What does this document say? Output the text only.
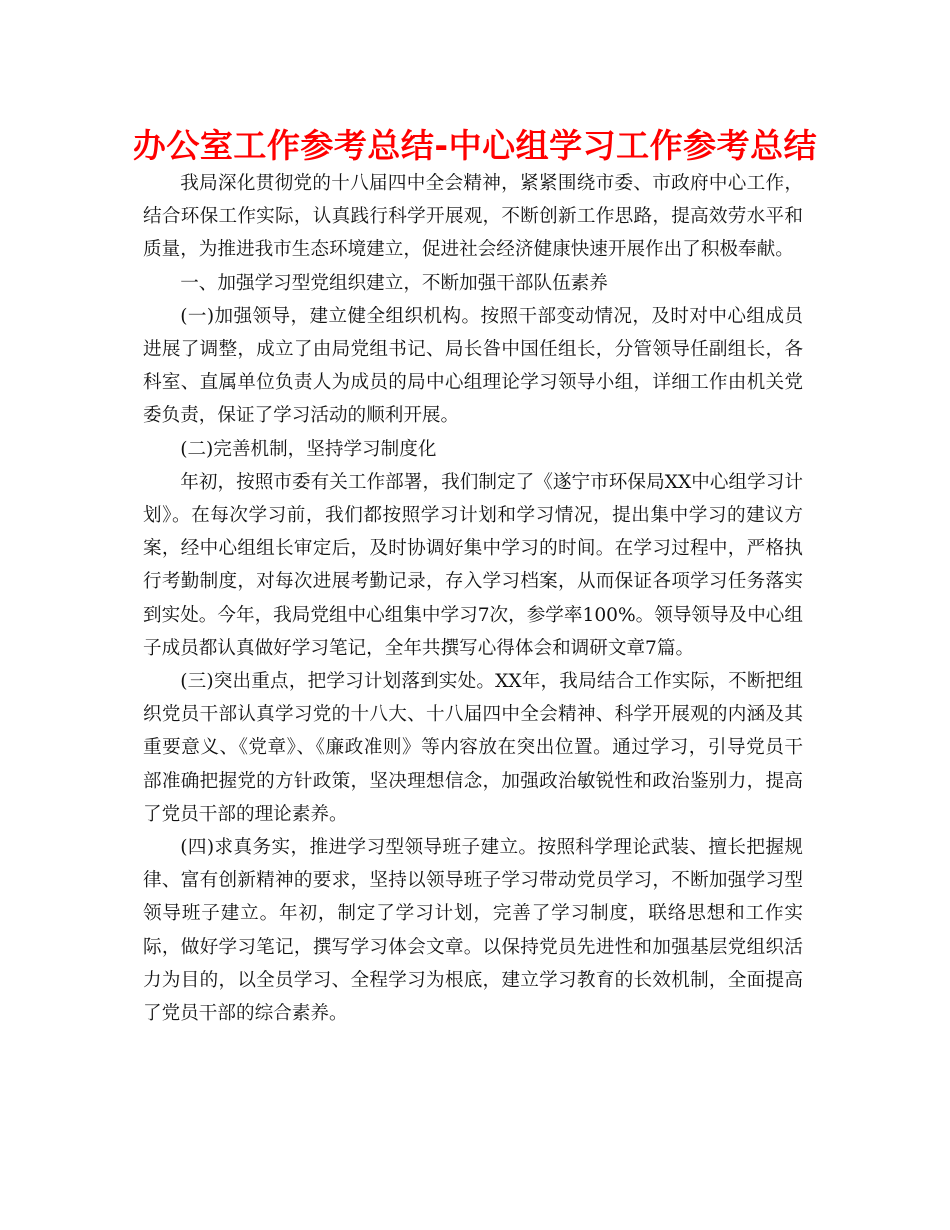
办公室工作参考总结-中心组学习工作参考总结

我局深化贯彻党的十八届四中全会精神，紧紧围绕市委、市政府中心工作，结合环保工作实际，认真践行科学开展观，不断创新工作思路，提高效劳水平和质量，为推进我市生态环境建立，促进社会经济健康快速开展作出了积极奉献。

一、加强学习型党组织建立，不断加强干部队伍素养

(一)加强领导，建立健全组织机构。按照干部变动情况，及时对中心组成员进展了调整，成立了由局党组书记、局长昝中国任组长，分管领导任副组长，各科室、直属单位负责人为成员的局中心组理论学习领导小组，详细工作由机关党委负责，保证了学习活动的顺利开展。

(二)完善机制，坚持学习制度化

年初，按照市委有关工作部署，我们制定了《遂宁市环保局XX中心组学习计划》。在每次学习前，我们都按照学习计划和学习情况，提出集中学习的建议方案，经中心组组长审定后，及时协调好集中学习的时间。在学习过程中，严格执行考勤制度，对每次进展考勤记录，存入学习档案，从而保证各项学习任务落实到实处。今年，我局党组中心组集中学习7次，参学率100%。领导领导及中心组子成员都认真做好学习笔记，全年共撰写心得体会和调研文章7篇。

(三)突出重点，把学习计划落到实处。XX年，我局结合工作实际，不断把组织党员干部认真学习党的十八大、十八届四中全会精神、科学开展观的内涵及其重要意义、《党章》、《廉政准则》等内容放在突出位置。通过学习，引导党员干部准确把握党的方针政策，坚决理想信念，加强政治敏锐性和政治鉴别力，提高了党员干部的理论素养。

(四)求真务实，推进学习型领导班子建立。按照科学理论武装、擅长把握规律、富有创新精神的要求，坚持以领导班子学习带动党员学习，不断加强学习型领导班子建立。年初，制定了学习计划，完善了学习制度，联络思想和工作实际，做好学习笔记，撰写学习体会文章。以保持党员先进性和加强基层党组织活力为目的，以全员学习、全程学习为根底，建立学习教育的长效机制，全面提高了党员干部的综合素养。
